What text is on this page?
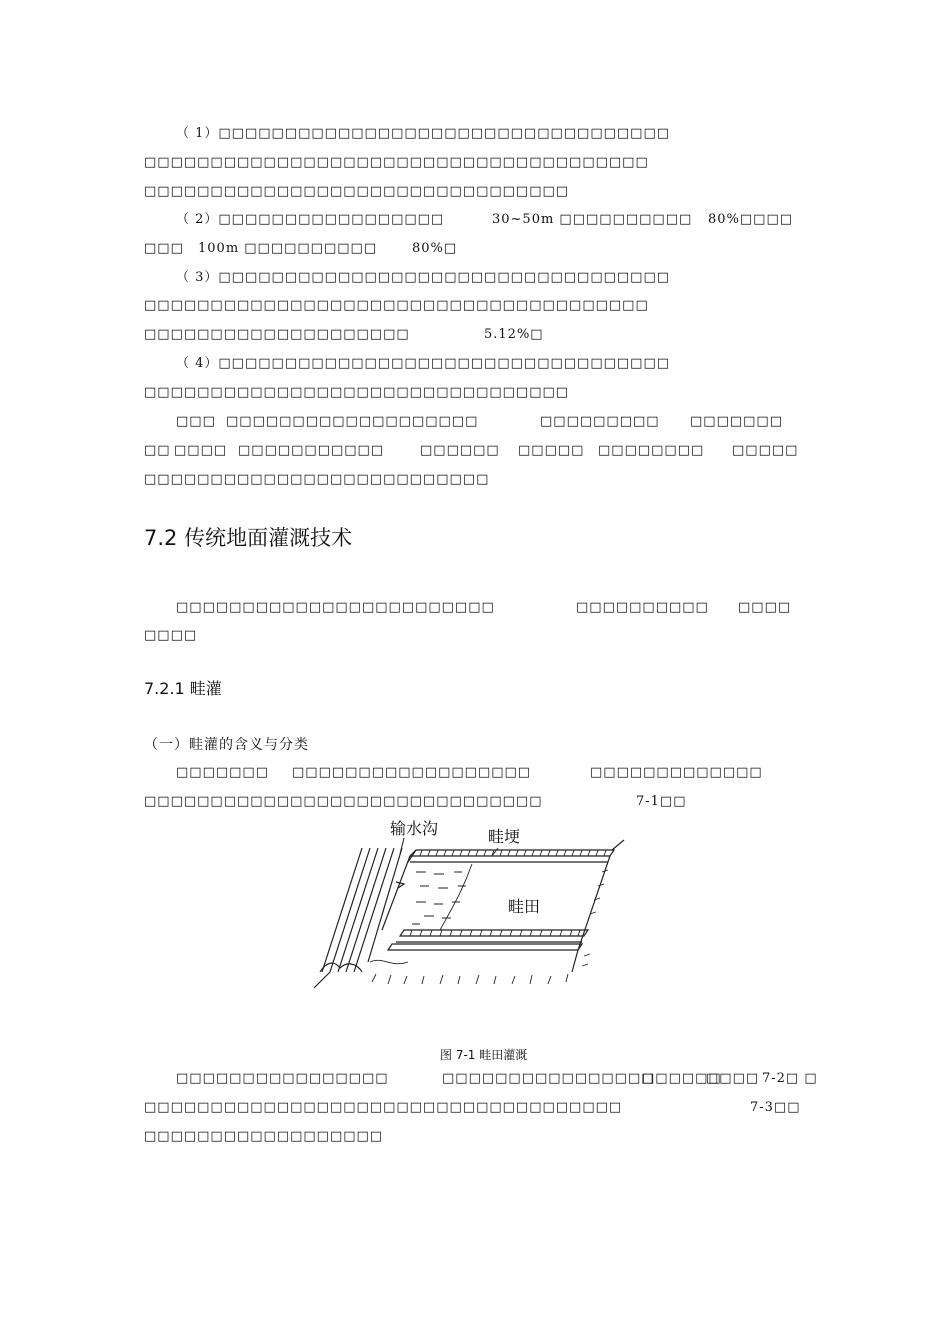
（ 1）□□□□□□□□□□□□□□□□□□□□□□□□□□□□□□□□□□
□□□□□□□□□□□□□□□□□□□□□□□□□□□□□□□□□□□□□□
□□□□□□□□□□□□□□□□□□□□□□□□□□□□□□□□
（ 2）□□□□□□□□□□□□□□□□□	30~50m □□□□□□□□□□ 80%□□□□
□□□ 100m □□□□□□□□□□	80%□
（ 3）□□□□□□□□□□□□□□□□□□□□□□□□□□□□□□□□□□
□□□□□□□□□□□□□□□□□□□□□□□□□□□□□□□□□□□□□□
□□□□□□□□□□□□□□□□□□□□	5.12%□
（ 4）□□□□□□□□□□□□□□□□□□□□□□□□□□□□□□□□□□
□□□□□□□□□□□□□□□□□□□□□□□□□□□□□□□□
□□□ □□□□□□□□□□□□□□□□□□□	□□□□□□□□□ □□□□□□□
□□ □□□□ □□□□□□□□□□□	□□□□□□ □□□□□ □□□□□□□□ □□□□□
□□□□□□□□□□□□□□□□□□□□□□□□□□
7.2 传统地面灌溉技术
□□□□□□□□□□□□□□□□□□□□□□□□	□□□□□□□□□□ □□□□
□□□□
7.2.1 畦灌
（一）畦灌的含义与分类
□□□□□□□ □□□□□□□□□□□□□□□□□□	□□□□□□□□□□□□□
□□□□□□□□□□□□□□□□□□□□□□□□□□□□□□	7-1□□
输水沟	畦埂
畦田
图 7-1 畦田灌溉
□□□□□□□□□□□□□□□□	□□□□□□□□□□□□□□□□
□□□□□□
□□□□ 7-2□ □
□□□□□□□□□□□□□□□□□□□□□□□□□□□□□□□□□□□□	7-3□□
□□□□□□□□□□□□□□□□□□
